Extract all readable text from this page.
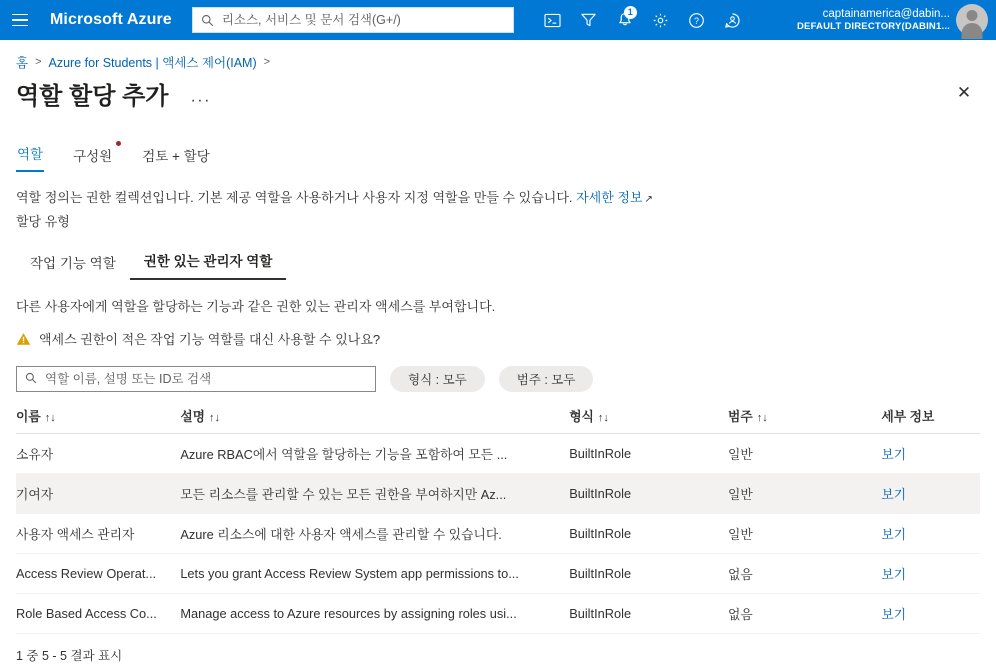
Microsoft Azure
리소스, 서비스 및 문서 검색(G+/)	1
?
captainamerica@dabin...
DEFAULT DIRECTORY(DABIN1...
홈 > Azure for Students | 액세스 제어(IAM) >
역할 할당 추가 ···	✕
역할 구성원 검토 + 할당
역할 정의는 권한 컬렉션입니다. 기본 제공 역할을 사용하거나 사용자 지정 역할을 만들 수 있습니다. 자세한 정보 ↗
할당 유형
작업 기능 역할	권한 있는 관리자 역할
다른 사용자에게 역할을 할당하는 기능과 같은 권한 있는 관리자 액세스를 부여합니다.
액세스 권한이 적은 작업 기능 역할를 대신 사용할 수 있나요?
역할 이름, 설명 또는 ID로 검색
형식 : 모두	범주 : 모두
이름 ↑↓	설명 ↑↓	형식 ↑↓	범주 ↑↓	세부 정보
소유자	Azure RBAC에서 역할을 할당하는 기능을 포함하여 모든 ...	BuiltInRole	일반	보기
기여자	모든 리소스를 관리할 수 있는 모든 권한을 부여하지만 Az...	BuiltInRole	일반	보기
사용자 액세스 관리자	Azure 리소스에 대한 사용자 액세스를 관리할 수 있습니다.	BuiltInRole	일반	보기
Access Review Operat...	Lets you grant Access Review System app permissions to...	BuiltInRole	없음	보기
Role Based Access Co...	Manage access to Azure resources by assigning roles usi...	BuiltInRole	없음	보기
1 중 5 - 5 결과 표시
